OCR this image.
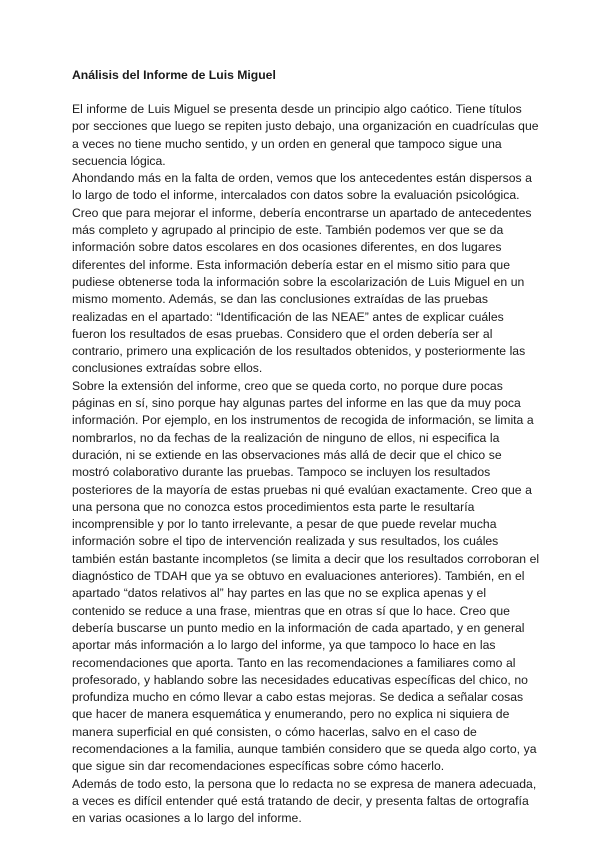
Análisis del Informe de Luis Miguel

El informe de Luis Miguel se presenta desde un principio algo caótico. Tiene títulos por secciones que luego se repiten justo debajo, una organización en cuadrículas que a veces no tiene mucho sentido, y un orden en general que tampoco sigue una secuencia lógica.

Ahondando más en la falta de orden, vemos que los antecedentes están dispersos a lo largo de todo el informe, intercalados con datos sobre la evaluación psicológica. Creo que para mejorar el informe, debería encontrarse un apartado de antecedentes más completo y agrupado al principio de este. También podemos ver que se da información sobre datos escolares en dos ocasiones diferentes, en dos lugares diferentes del informe. Esta información debería estar en el mismo sitio para que pudiese obtenerse toda la información sobre la escolarización de Luis Miguel en un mismo momento. Además, se dan las conclusiones extraídas de las pruebas realizadas en el apartado: “Identificación de las NEAE” antes de explicar cuáles fueron los resultados de esas pruebas. Considero que el orden debería ser al contrario, primero una explicación de los resultados obtenidos, y posteriormente las conclusiones extraídas sobre ellos.

Sobre la extensión del informe, creo que se queda corto, no porque dure pocas páginas en sí, sino porque hay algunas partes del informe en las que da muy poca información. Por ejemplo, en los instrumentos de recogida de información, se limita a nombrarlos, no da fechas de la realización de ninguno de ellos, ni especifica la duración, ni se extiende en las observaciones más allá de decir que el chico se mostró colaborativo durante las pruebas. Tampoco se incluyen los resultados posteriores de la mayoría de estas pruebas ni qué evalúan exactamente. Creo que a una persona que no conozca estos procedimientos esta parte le resultaría incomprensible y por lo tanto irrelevante, a pesar de que puede revelar mucha información sobre el tipo de intervención realizada y sus resultados, los cuáles también están bastante incompletos (se limita a decir que los resultados corroboran el diagnóstico de TDAH que ya se obtuvo en evaluaciones anteriores). También, en el apartado “datos relativos al” hay partes en las que no se explica apenas y el contenido se reduce a una frase, mientras que en otras sí que lo hace. Creo que debería buscarse un punto medio en la información de cada apartado, y en general aportar más información a lo largo del informe, ya que tampoco lo hace en las recomendaciones que aporta. Tanto en las recomendaciones a familiares como al profesorado, y hablando sobre las necesidades educativas específicas del chico, no profundiza mucho en cómo llevar a cabo estas mejoras. Se dedica a señalar cosas que hacer de manera esquemática y enumerando, pero no explica ni siquiera de manera superficial en qué consisten, o cómo hacerlas, salvo en el caso de recomendaciones a la familia, aunque también considero que se queda algo corto, ya que sigue sin dar recomendaciones específicas sobre cómo hacerlo.

Además de todo esto, la persona que lo redacta no se expresa de manera adecuada, a veces es difícil entender qué está tratando de decir, y presenta faltas de ortografía en varias ocasiones a lo largo del informe.
